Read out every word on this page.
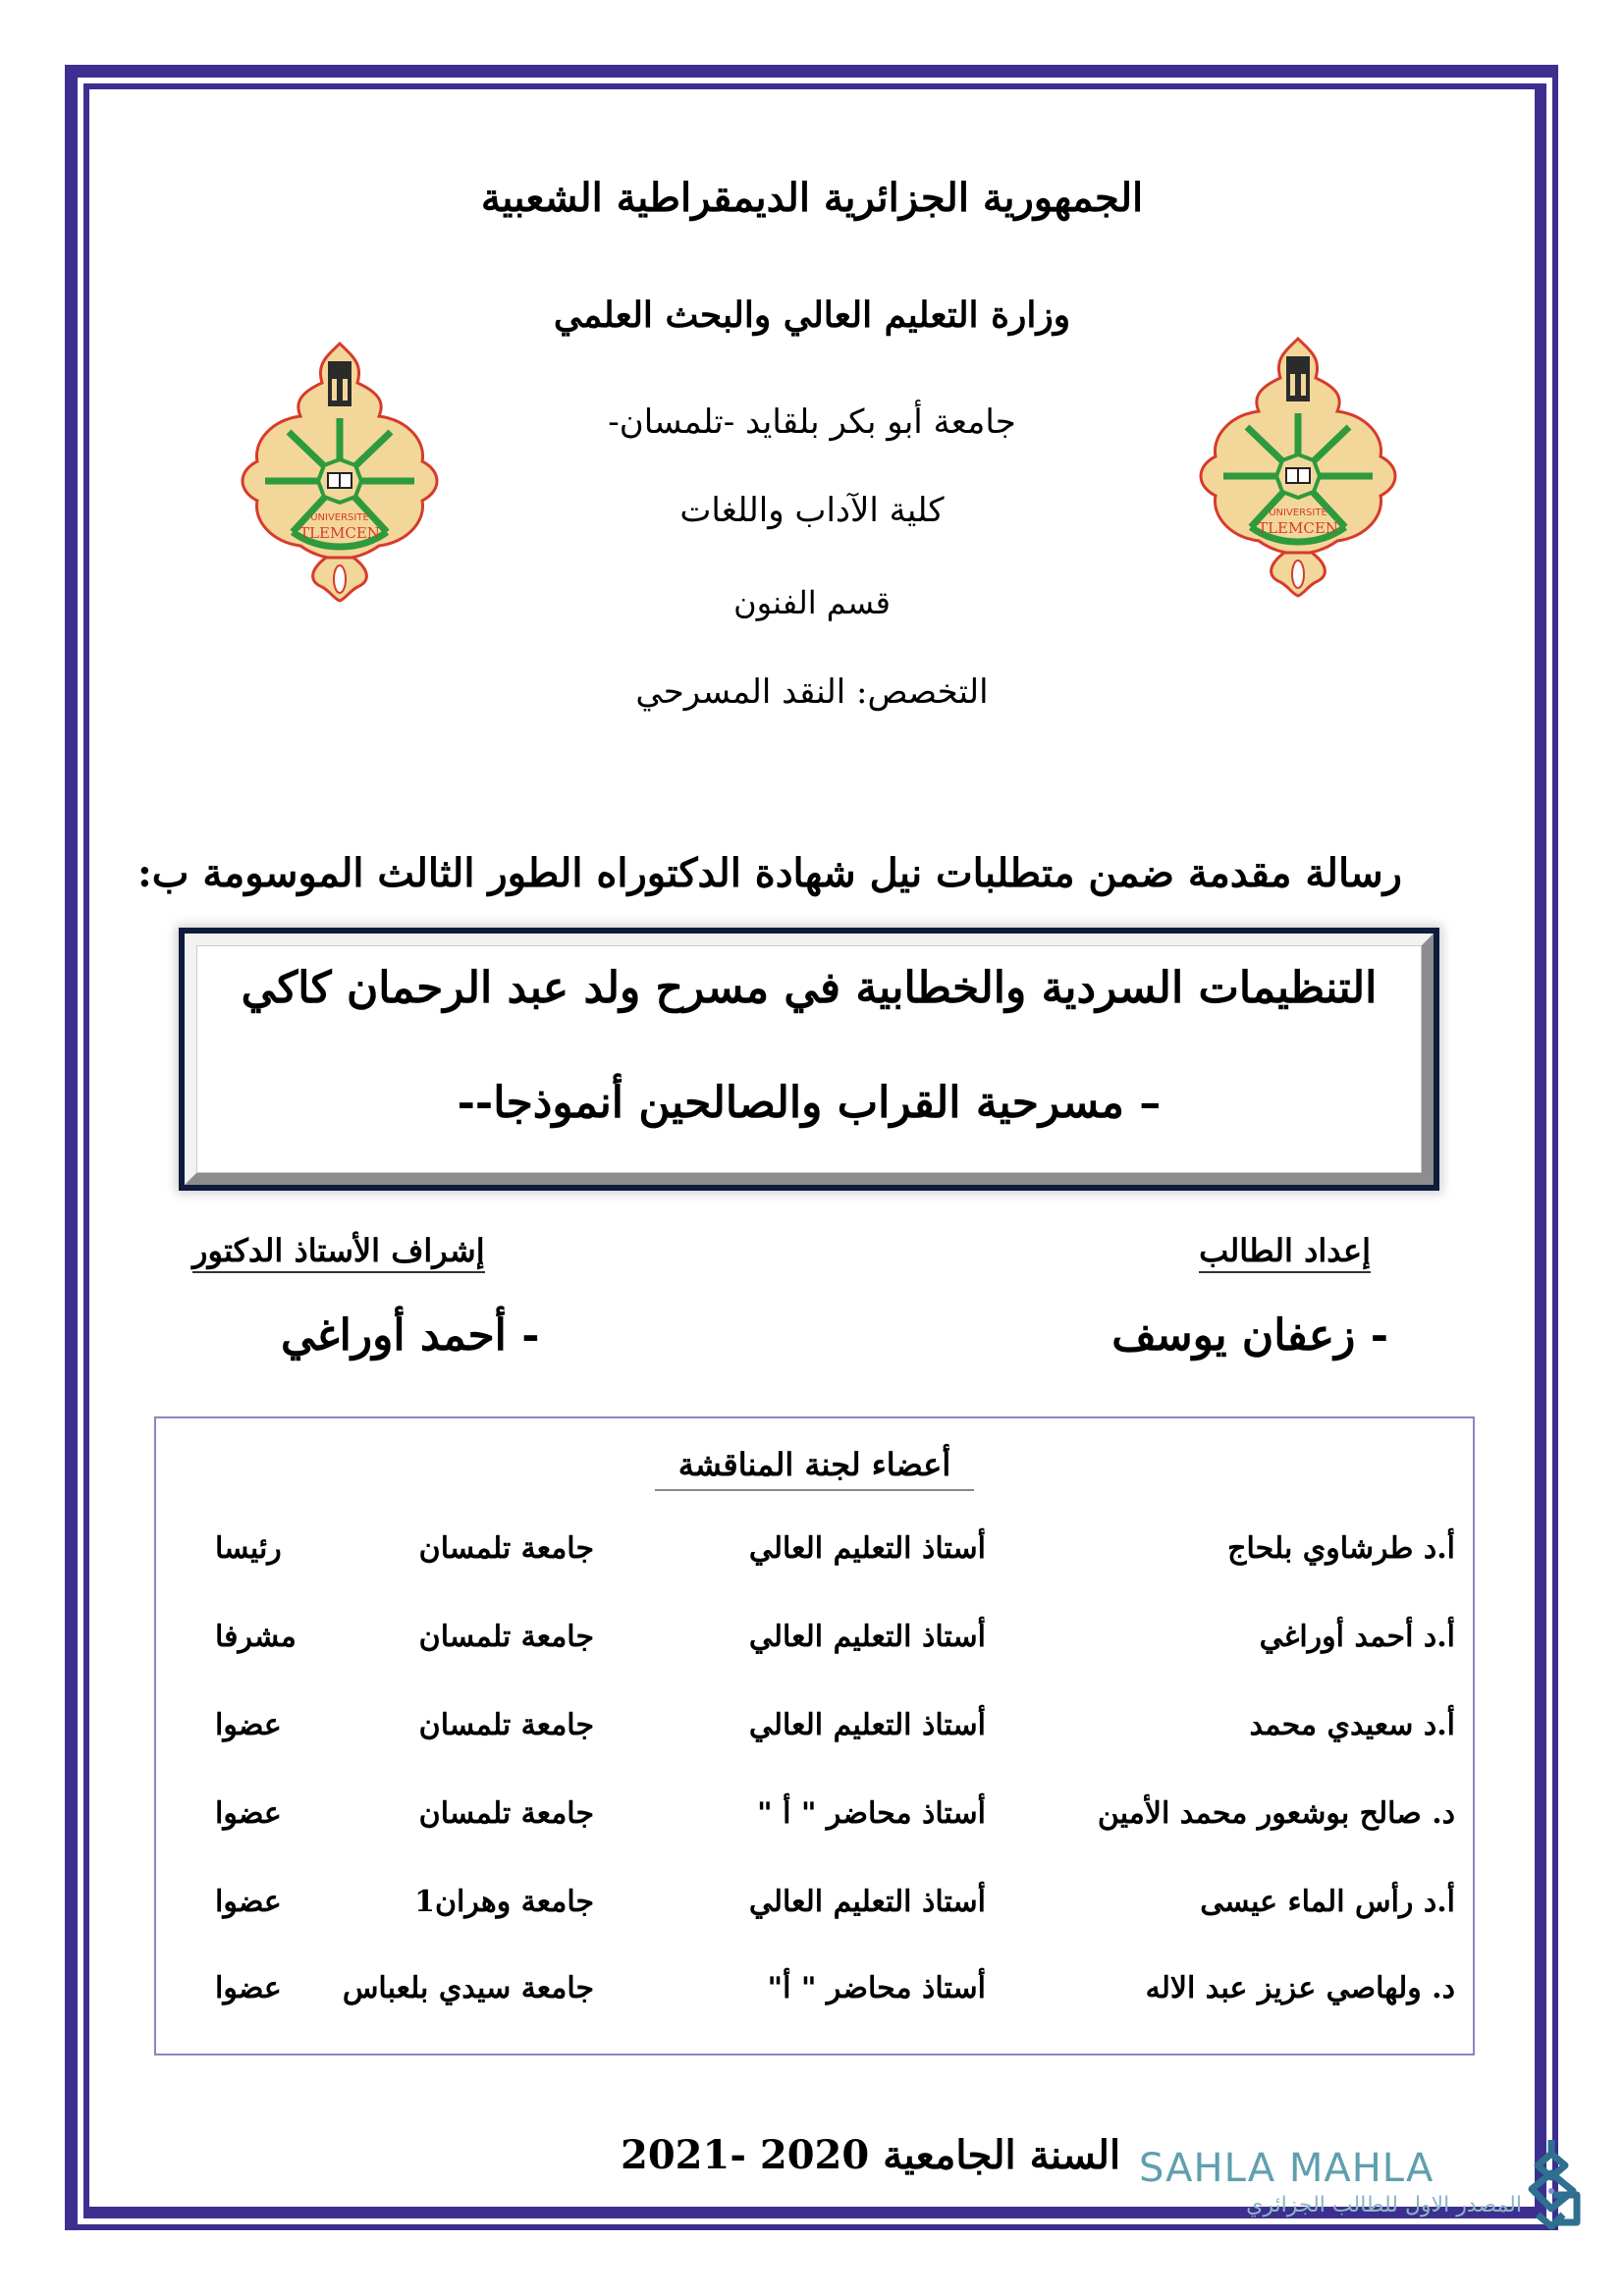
الجمهورية الجزائرية الديمقراطية الشعبية
وزارة التعليم العالي والبحث العلمي
جامعة أبو بكر بلقايد -تلمسان-
كلية الآداب واللغات
قسم الفنون
التخصص: النقد المسرحي
UNIVERSITE
TLEMCEN
UNIVERSITE
TLEMCEN
رسالة مقدمة ضمن متطلبات نيل شهادة الدكتوراه الطور الثالث الموسومة ب:
التنظيمات السردية والخطابية في مسرح ولد عبد الرحمان كاكي
– مسرحية القراب والصالحين أنموذجا--
إعداد الطالب
إشراف الأستاذ الدكتور
- زعفان يوسف
- أحمد أوراغي
أعضاء لجنة المناقشة
أ.د طرشاوي بلحاج
أستاذ التعليم العالي
جامعة تلمسان
رئيسا
أ.د أحمد أوراغي
أستاذ التعليم العالي
جامعة تلمسان
مشرفا
أ.د سعيدي محمد
أستاذ التعليم العالي
جامعة تلمسان
عضوا
د. صالح بوشعور محمد الأمين
أستاذ محاضر " أ "
جامعة تلمسان
عضوا
أ.د رأس الماء عيسى
أستاذ التعليم العالي
جامعة وهران1
عضوا
د. ولهاصي عزيز عبد الاله
أستاذ محاضر " أ"
جامعة سيدي بلعباس
عضوا
السنة الجامعية 2020 -2021 SAHLA MAHLA
المصدر الاول للطالب الجزائري
